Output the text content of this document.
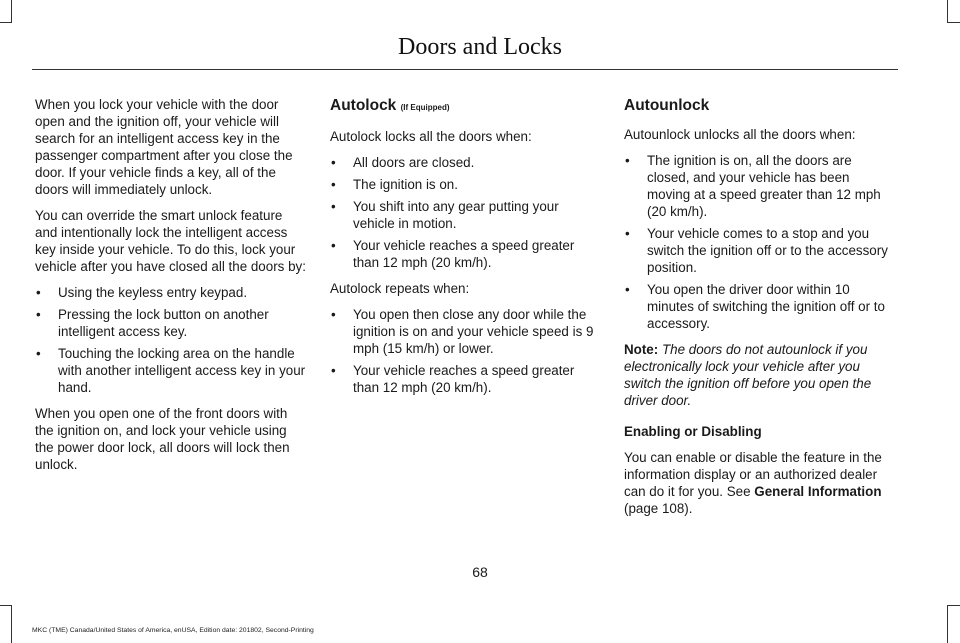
Doors and Locks

When you lock your vehicle with the door open and the ignition off, your vehicle will search for an intelligent access key in the passenger compartment after you close the door. If your vehicle finds a key, all of the doors will immediately unlock.

You can override the smart unlock feature and intentionally lock the intelligent access key inside your vehicle. To do this, lock your vehicle after you have closed all the doors by:

• Using the keyless entry keypad.
• Pressing the lock button on another intelligent access key.
• Touching the locking area on the handle with another intelligent access key in your hand.

When you open one of the front doors with the ignition on, and lock your vehicle using the power door lock, all doors will lock then unlock.

Autolock (If Equipped)

Autolock locks all the doors when:

• All doors are closed.
• The ignition is on.
• You shift into any gear putting your vehicle in motion.
• Your vehicle reaches a speed greater than 12 mph (20 km/h).

Autolock repeats when:

• You open then close any door while the ignition is on and your vehicle speed is 9 mph (15 km/h) or lower.
• Your vehicle reaches a speed greater than 12 mph (20 km/h).
Autounlock

Autounlock unlocks all the doors when:

• The ignition is on, all the doors are closed, and your vehicle has been moving at a speed greater than 12 mph (20 km/h).
• Your vehicle comes to a stop and you switch the ignition off or to the accessory position.
• You open the driver door within 10 minutes of switching the ignition off or to accessory.

Note: The doors do not autounlock if you electronically lock your vehicle after you switch the ignition off before you open the driver door.

Enabling or Disabling

You can enable or disable the feature in the information display or an authorized dealer can do it for you. See General Information
(page 108).

68
MKC (TME) Canada/United States of America, enUSA, Edition date: 201802, Second-Printing
